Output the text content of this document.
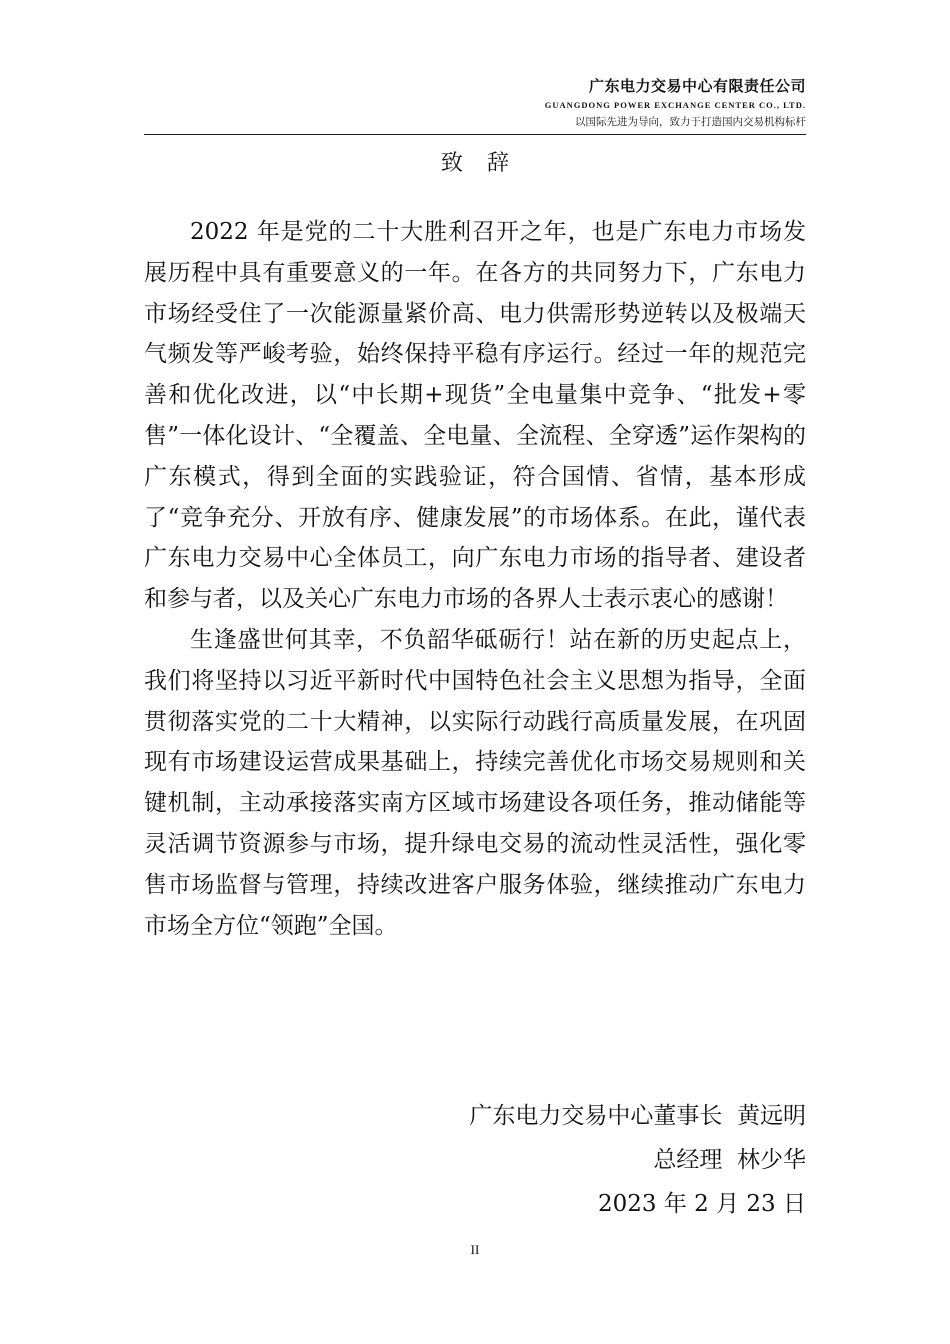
广东电力交易中心有限责任公司
GUANGDONG POWER EXCHANGE CENTER CO., LTD.
以国际先进为导向，致力于打造国内交易机构标杆
致辞

2022 年是党的二十大胜利召开之年，也是广东电力市场发展历程中具有重要意义的一年。在各方的共同努力下，广东电力市场经受住了一次能源量紧价高、电力供需形势逆转以及极端天气频发等严峻考验，始终保持平稳有序运行。经过一年的规范完善和优化改进，以“中长期+现货”全电量集中竞争、“批发+零售”一体化设计、“全覆盖、全电量、全流程、全穿透”运作架构的广东模式，得到全面的实践验证，符合国情、省情，基本形成了“竞争充分、开放有序、健康发展”的市场体系。在此，谨代表广东电力交易中心全体员工，向广东电力市场的指导者、建设者和参与者，以及关心广东电力市场的各界人士表示衷心的感谢！

生逢盛世何其幸，不负韶华砥砺行！站在新的历史起点上，我们将坚持以习近平新时代中国特色社会主义思想为指导，全面贯彻落实党的二十大精神，以实际行动践行高质量发展，在巩固现有市场建设运营成果基础上，持续完善优化市场交易规则和关键机制，主动承接落实南方区域市场建设各项任务，推动储能等灵活调节资源参与市场，提升绿电交易的流动性灵活性，强化零售市场监督与管理，持续改进客户服务体验，继续推动广东电力市场全方位“领跑”全国。

广东电力交易中心董事长  黄远明
总经理  林少华
2023 年 2 月 23 日
II
